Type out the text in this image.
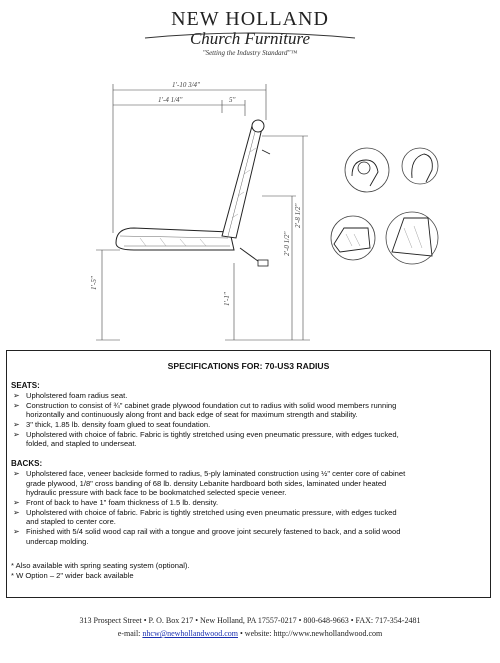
NEW HOLLAND
Church Furniture
"Setting the Industry Standard"™
1'-10 3/4"
1'-4 1/4"	5"
1'-5"
1'-1"
2'-0 1/2"
2'-8 1/2"
SPECIFICATIONS FOR: 70-US3 RADIUS
SEATS:
➢ Upholstered foam radius seat.
➢ Construction to consist of ¾" cabinet grade plywood foundation cut to radius with solid wood members running
horizontally and continuously along front and back edge of seat for maximum strength and stability.
➢ 3" thick, 1.85 lb. density foam glued to seat foundation.
➢ Upholstered with choice of fabric. Fabric is tightly stretched using even pneumatic pressure, with edges tucked,
folded, and stapled to underseat.
BACKS:
➢ Upholstered face, veneer backside formed to radius, 5-ply laminated construction using ½" center core of cabinet
grade plywood, 1/8" cross banding of 68 lb. density Lebanite hardboard both sides, laminated under heated
hydraulic pressure with back face to be bookmatched selected specie veneer.
➢ Front of back to have 1" foam thickness of 1.5 lb. density.
➢ Upholstered with choice of fabric. Fabric is tightly stretched using even pneumatic pressure, with edges tucked
and stapled to center core.
➢ Finished with 5/4 solid wood cap rail with a tongue and groove joint securely fastened to back, and a solid wood
undercap molding.
* Also available with spring seating system (optional).
* W Option – 2" wider back available
313 Prospect Street • P. O. Box 217 • New Holland, PA 17557-0217 • 800-648-9663 • FAX: 717-354-2481
e-mail: nhcw@newhollandwood.com • website: http://www.newhollandwood.com
